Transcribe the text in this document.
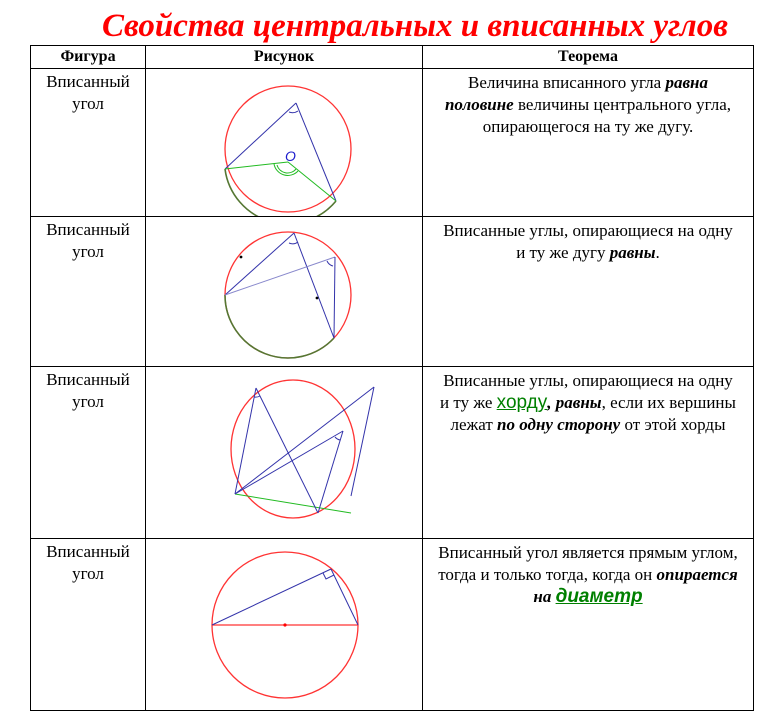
Свойства центральных и вписанных углов
Фигура	Рисунок	Теорема

Вписанный
угол	O	Величина вписанного угла равна половине величины центрального угла, опирающегося на ту же дугу.

Вписанный
угол		Вписанные углы, опирающиеся на одну и ту же дугу равны.

Вписанный
угол		Вписанные углы, опирающиеся на одну и ту же хорду, равны, если их вершины лежат по одну сторону от этой хорды

Вписанный
угол		Вписанный угол является прямым углом, тогда и только тогда, когда он опирается на диаметр
